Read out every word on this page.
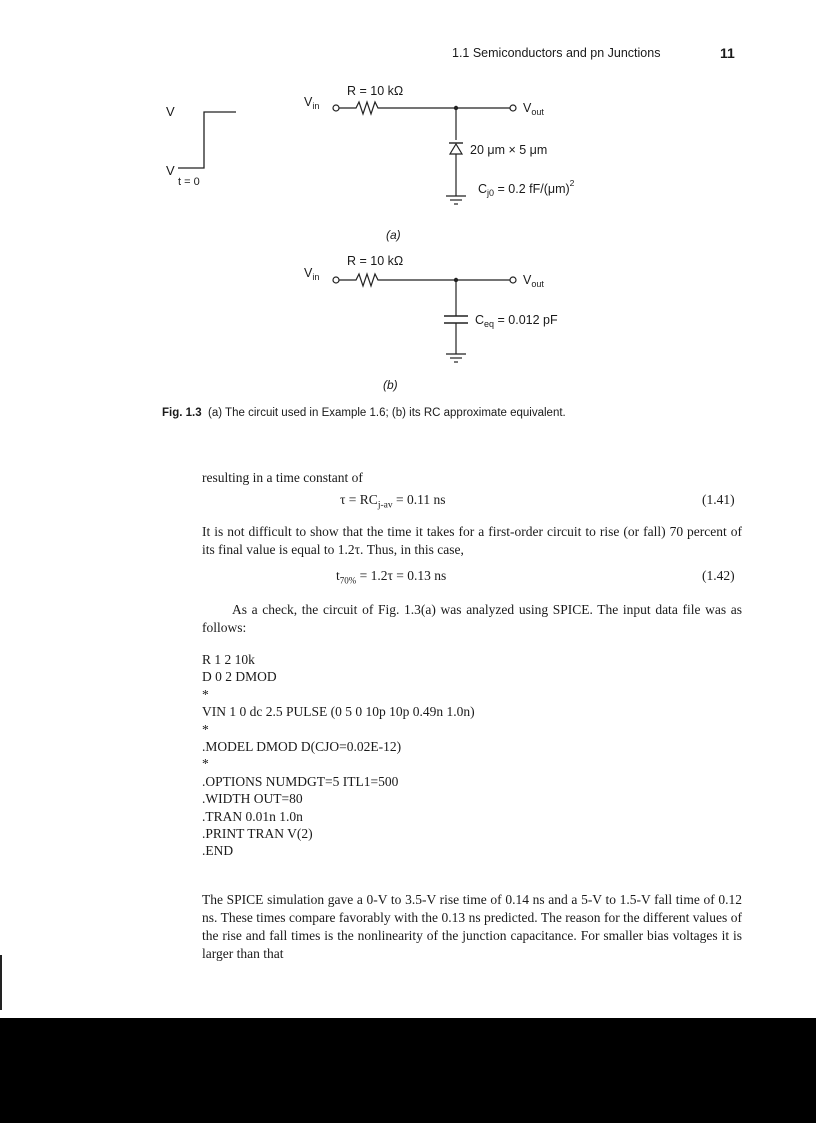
1.1 Semiconductors and pn Junctions	11
V
V
t = 0
$V_{in}$
R = 10 kΩ
$V_{out}$
20 μm × 5 μm
$C_{j0} = 0.2$ $fF/(\mu m)^2$
(a)
$V_{in}$
R = 10 kΩ
$V_{out}$
$C_{eq} = 0.012$ pF
(b)
Fig. 1.3 (a) The circuit used in Example 1.6; (b) its RC approximate equivalent.
resulting in a time constant of
$\tau = RC_{j-av} = 0.11$ ns	(1.41)
It is not difficult to show that the time it takes for a first-order circuit to rise (or fall) 70 percent of its final value is equal to 1.2τ. Thus, in this case,
$t_{70\%} = 1.2\tau = 0.13$ ns	(1.42)
As a check, the circuit of Fig. 1.3(a) was analyzed using SPICE. The input data file was as follows:
R 1 2 10k
D 0 2 DMOD
*
VIN 1 0 dc 2.5 PULSE (0 5 0 10p 10p 0.49n 1.0n)
*
.MODEL DMOD D(CJO=0.02E-12)
*
.OPTIONS NUMDGT=5 ITL1=500
.WIDTH OUT=80
.TRAN 0.01n 1.0n
.PRINT TRAN V(2)
.END
The SPICE simulation gave a 0-V to 3.5-V rise time of 0.14 ns and a 5-V to 1.5-V fall time of 0.12 ns. These times compare favorably with the 0.13 ns predicted. The reason for the different values of the rise and fall times is the nonlinearity of the junction capacitance. For smaller bias voltages it is larger than that
